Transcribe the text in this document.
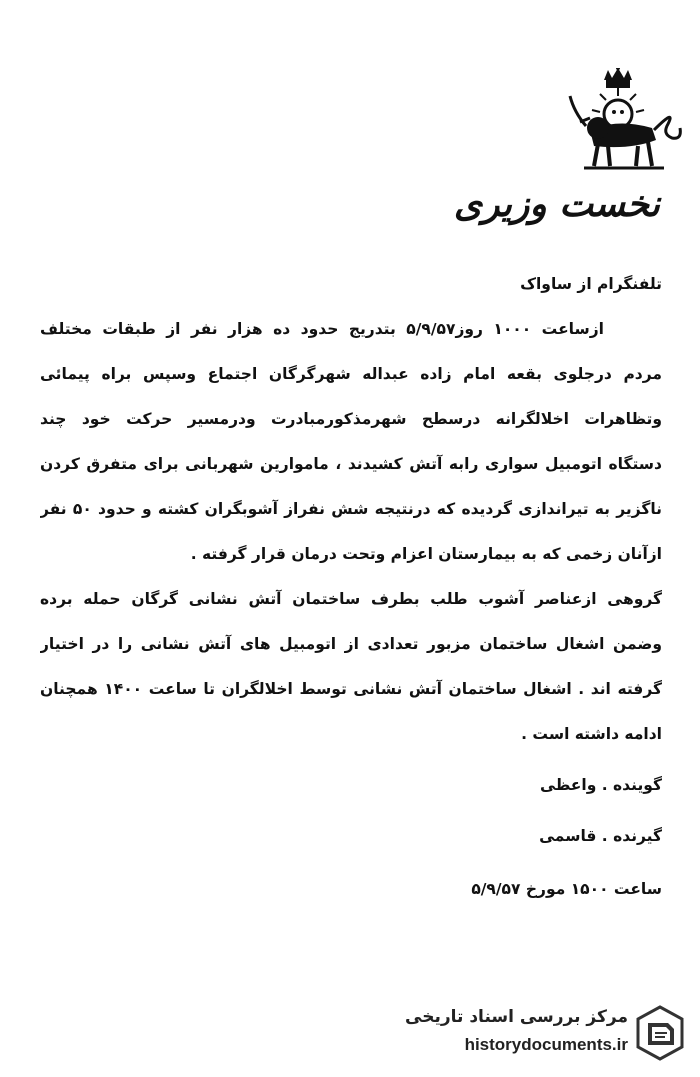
نخست وزیری
تلفنگرام از ساواک
ازساعت ۱۰۰۰ روز۵/۹/۵۷ بتدریج حدود ده هزار نفر از طبقات مختلف
مردم درجلوی بقعه امام زاده عبداله شهرگرگان اجتماع وسپس براه پیمائی
وتظاهرات اخلالگرانه درسطح شهرمذکورمبادرت ودرمسیر حرکت خود چند
دستگاه اتومبیل سواری رابه آتش کشیدند ، ماموارین شهربانی برای متفرق کردن
ناگزیر به تیراندازی گردیده که درنتیجه شش نفراز آشوبگران کشته و حدود ۵۰ نفر
ازآنان زخمی که به بیمارستان اعزام وتحت درمان قرار گرفته .
گروهی ازعناصر آشوب طلب بطرف ساختمان آتش نشانی گرگان حمله برده
وضمن اشغال ساختمان مزبور تعدادی از اتومبیل های آتش نشانی را در اختیار
گرفته اند . اشغال ساختمان آتش نشانی توسط اخلالگران تا ساعت ۱۴۰۰ همچنان
ادامه داشته است .
گوینده . واعظی
گیرنده . قاسمی
ساعت ۱۵۰۰ مورخ ۵/۹/۵۷
مرکز بررسی اسناد تاریخی
historydocuments.ir
